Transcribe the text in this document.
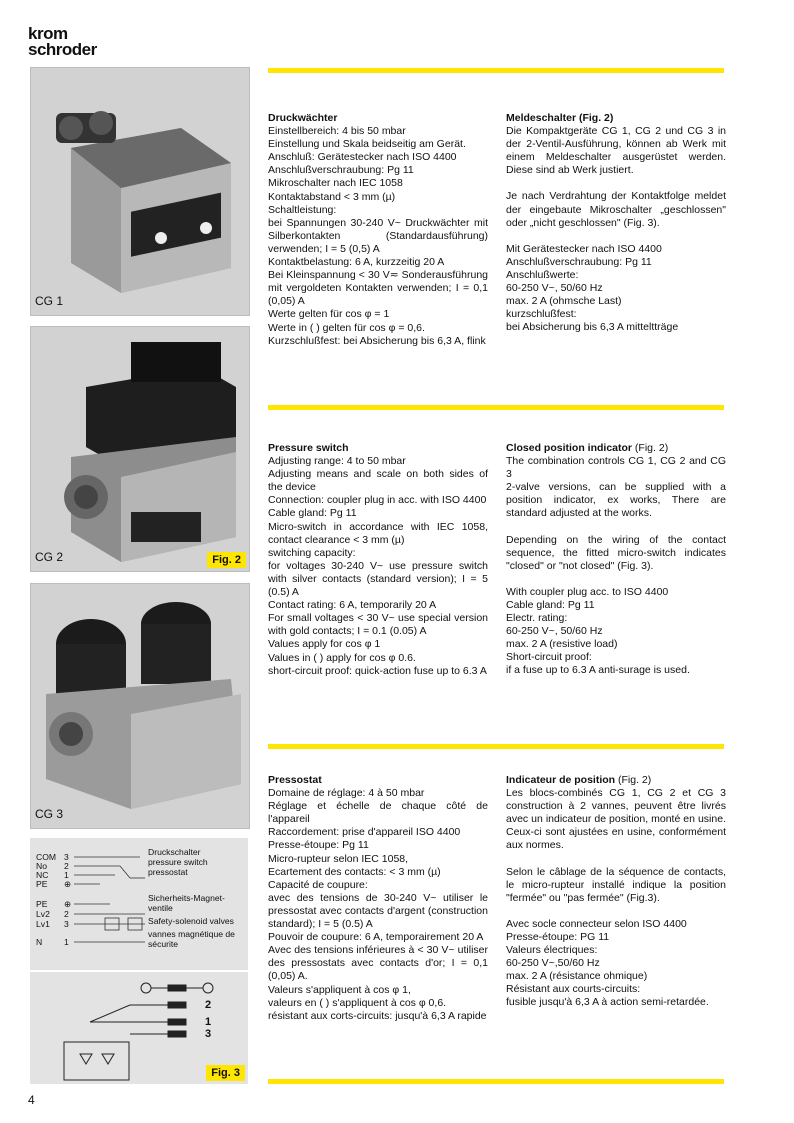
krom
schroder
CG 1
CG 2	Fig. 2
CG 3
COM
No
NC
PE
3
2
1
⊕
Druckschalter
pressure switch
pressostat
PE
Lv2
Lv1
N
⊕
2
3
1
Sicherheits-Magnet-
ventile
Safety-solenoid valves
vannes magnétique de
sécurite
2
1
3
Fig. 3
Druckwächter

Einstellbereich: 4 bis 50 mbar
Einstellung und Skala beidseitig am Gerät.
Anschluß: Gerätestecker nach ISO 4400
Anschlußverschraubung: Pg 11
Mikroschalter nach IEC 1058
Kontaktabstand < 3 mm (µ)
Schaltleistung:
bei Spannungen 30-240 V~ Druckwächter mit Silberkontakten (Standardausführung) verwenden; I = 5 (0,5) A
Kontaktbelastung: 6 A, kurzzeitig 20 A
Bei Kleinspannung < 30 V≂ Sonderausführung mit vergoldeten Kontakten verwenden; I = 0,1 (0,05) A
Werte gelten für cos φ = 1
Werte in ( ) gelten für cos φ = 0,6.
Kurzschlußfest: bei Absicherung bis 6,3 A, flink

Meldeschalter (Fig. 2)

Die Kompaktgeräte CG 1, CG 2 und CG 3 in der 2-Ventil-Ausführung, können ab Werk mit einem Meldeschalter ausgerüstet werden. Diese sind ab Werk justiert.

Je nach Verdrahtung der Kontaktfolge meldet der eingebaute Mikroschalter „geschlossen" oder „nicht geschlossen" (Fig. 3).

Mit Gerätestecker nach ISO 4400
Anschlußverschraubung: Pg 11
Anschlußwerte:
60-250 V~, 50/60 Hz
max. 2 A (ohmsche Last)
kurzschlußfest:
bei Absicherung bis 6,3 A mitteltträge

Pressure switch

Adjusting range: 4 to 50 mbar
Adjusting means and scale on both sides of the device
Connection: coupler plug in acc. with ISO 4400
Cable gland: Pg 11
Micro-switch in accordance with IEC 1058, contact clearance < 3 mm (µ)
switching capacity:
for voltages 30-240 V~ use pressure switch with silver contacts (standard version); I = 5 (0.5) A
Contact rating: 6 A, temporarily 20 A
For small voltages < 30 V~ use special version with gold contacts; I = 0.1 (0.05) A
Values apply for cos φ 1
Values in ( ) apply for cos φ 0.6.
short-circuit proof: quick-action fuse up to 6.3 A

Closed position indicator (Fig. 2)

The combination controls CG 1, CG 2 and CG 3
2-valve versions, can be supplied with a position indicator, ex works, There are standard adjusted at the works.

Depending on the wiring of the contact sequence, the fitted micro-switch indicates "closed" or "not closed" (Fig. 3).

With coupler plug acc. to ISO 4400
Cable gland: Pg 11
Electr. rating:
60-250 V~, 50/60 Hz
max. 2 A (resistive load)
Short-circuit proof:
if a fuse up to 6.3 A anti-surage is used.

Pressostat

Domaine de réglage: 4 à 50 mbar
Réglage et échelle de chaque côté de l'appareil
Raccordement: prise d'appareil ISO 4400
Presse-étoupe: Pg 11
Micro-rupteur selon IEC 1058,
Ecartement des contacts: < 3 mm (µ)
Capacité de coupure:
avec des tensions de 30-240 V~ utiliser le pressostat avec contacts d'argent (construction standard); I = 5 (0.5) A
Pouvoir de coupure: 6 A, temporairement 20 A
Avec des tensions inférieures à < 30 V~ utiliser des pressostats avec contacts d'or; I = 0,1 (0,05) A.
Valeurs s'appliquent à cos φ 1,
valeurs en ( ) s'appliquent à cos φ 0,6.
résistant aux corts-circuits: jusqu'à 6,3 A rapide

Indicateur de position (Fig. 2)

Les blocs-combinés CG 1, CG 2 et CG 3 construction à 2 vannes, peuvent être livrés avec un indicateur de position, monté en usine. Ceux-ci sont ajustées en usine, conformément aux normes.

Selon le câblage de la séquence de contacts, le micro-rupteur installé indique la position "fermée" ou "pas fermée" (Fig.3).

Avec socle connecteur selon ISO 4400
Presse-étoupe: PG 11
Valeurs électriques:
60-250 V~,50/60 Hz
max. 2 A (résistance ohmique)
Résistant aux courts-circuits:
fusible jusqu'à 6,3 A à action semi-retardée.

4
